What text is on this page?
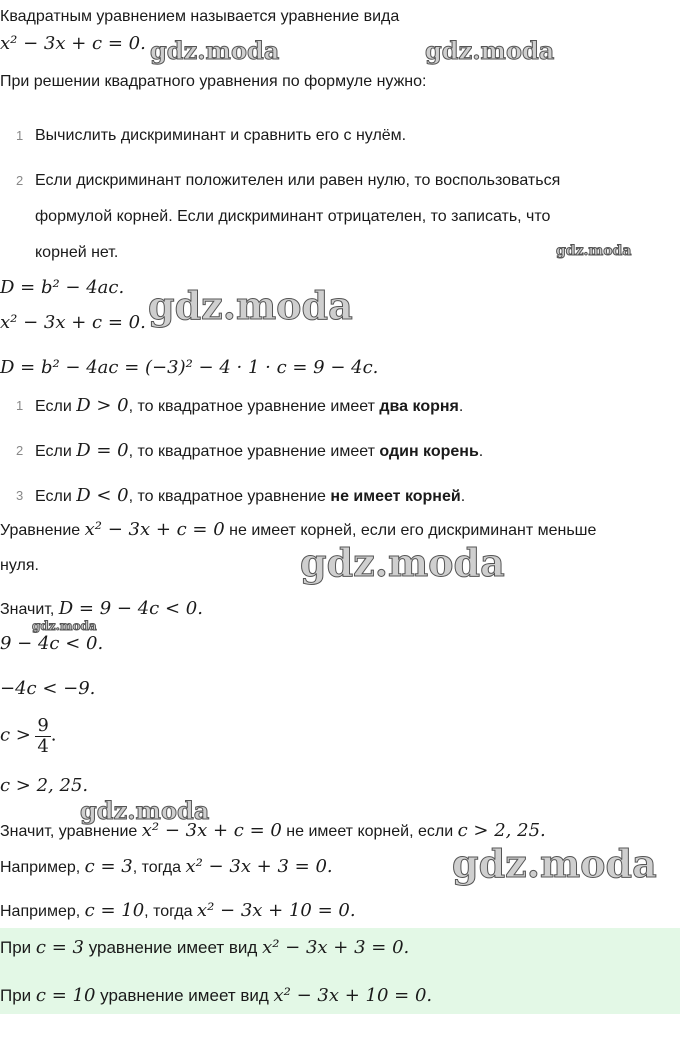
Квадратным уравнением называется уравнение вида
x² − 3x + c = 0.
При решении квадратного уравнения по формуле нужно:
1 Вычислить дискриминант и сравнить его с нулём.
2 Если дискриминант положителен или равен нулю, то воспользоваться
формулой корней. Если дискриминант отрицателен, то записать, что
корней нет.
D = b² − 4ac.
x² − 3x + c = 0.
D = b² − 4ac = (−3)² − 4 · 1 · c = 9 − 4c.
1 Если D > 0, то квадратное уравнение имеет два корня.
2 Если D = 0, то квадратное уравнение имеет один корень.
3 Если D < 0, то квадратное уравнение не имеет корней.
Уравнение x² − 3x + c = 0 не имеет корней, если его дискриминант меньше
нуля.
Значит, D = 9 − 4c < 0.
9 − 4c < 0.
−4c < −9.
$c > \frac{9}{4}$ .
c > 2, 25.
Значит, уравнение x² − 3x + c = 0 не имеет корней, если c > 2, 25.
Например, c = 3, тогда x² − 3x + 3 = 0.
Например, c = 10, тогда x² − 3x + 10 = 0.
При c = 3 уравнение имеет вид x² − 3x + 3 = 0.
При c = 10 уравнение имеет вид x² − 3x + 10 = 0.
gdz.moda	gdz.moda
gdz.moda
gdz.moda
gdz.moda
gdz.moda
gdz.moda
gdz.moda
